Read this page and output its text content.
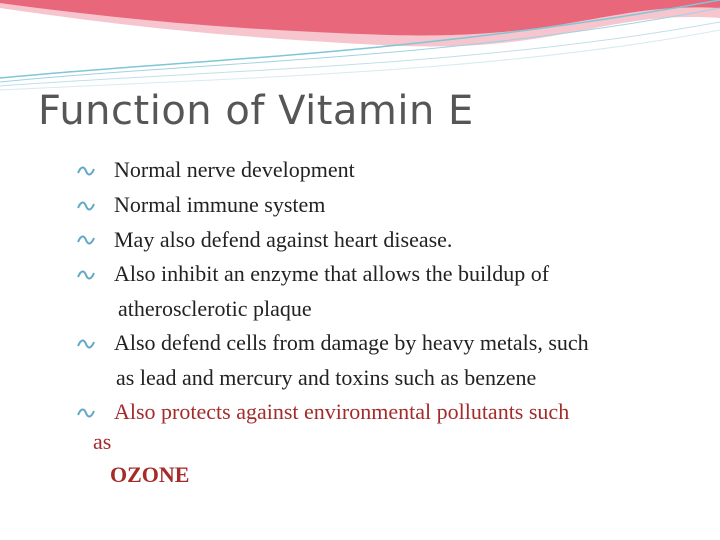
Function of Vitamin E

Normal nerve development

Normal immune system

May also defend against heart disease.

Also inhibit an enzyme that allows the buildup of

atherosclerotic plaque

Also defend cells from damage by heavy metals, such

as lead and mercury and toxins such as benzene

Also protects against environmental pollutants such

as

OZONE
